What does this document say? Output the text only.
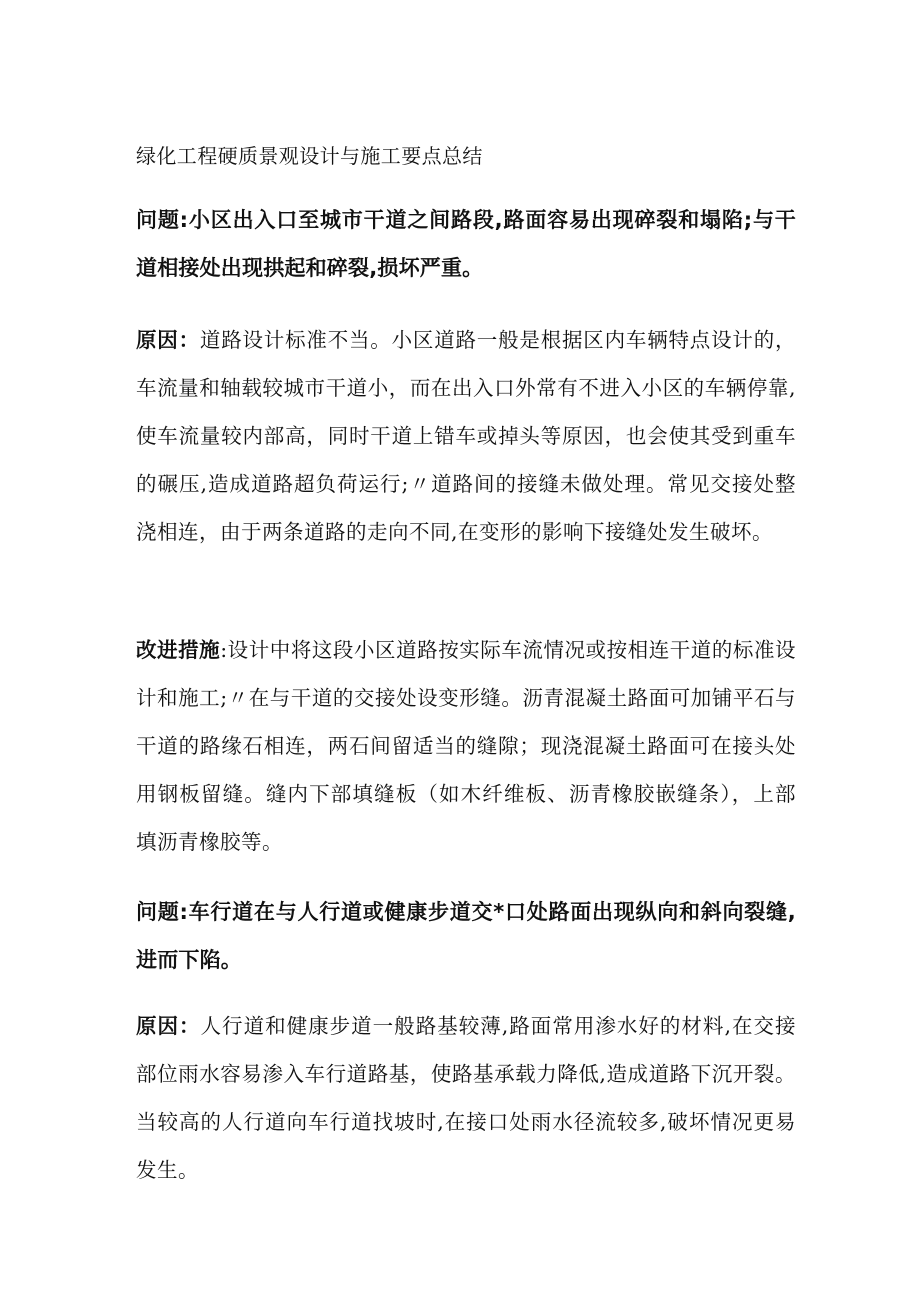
绿化工程硬质景观设计与施工要点总结

问题:小区出入口至城市干道之间路段,路面容易出现碎裂和塌陷;与干道相接处出现拱起和碎裂,损坏严重。

原因：道路设计标准不当。小区道路一般是根据区内车辆特点设计的，车流量和轴载较城市干道小，而在出入口外常有不进入小区的车辆停靠,使车流量较内部高，同时干道上错车或掉头等原因，也会使其受到重车的碾压,造成道路超负荷运行;〃道路间的接缝未做处理。常见交接处整浇相连，由于两条道路的走向不同,在变形的影响下接缝处发生破坏。

改进措施:设计中将这段小区道路按实际车流情况或按相连干道的标准设计和施工;〃在与干道的交接处设变形缝。沥青混凝土路面可加铺平石与干道的路缘石相连，两石间留适当的缝隙；现浇混凝土路面可在接头处用钢板留缝。缝内下部填缝板（如木纤维板、沥青橡胶嵌缝条），上部填沥青橡胶等。

问题:车行道在与人行道或健康步道交*口处路面出现纵向和斜向裂缝,进而下陷。

原因：人行道和健康步道一般路基较薄,路面常用渗水好的材料,在交接部位雨水容易渗入车行道路基，使路基承载力降低,造成道路下沉开裂。当较高的人行道向车行道找坡时,在接口处雨水径流较多,破坏情况更易发生。
